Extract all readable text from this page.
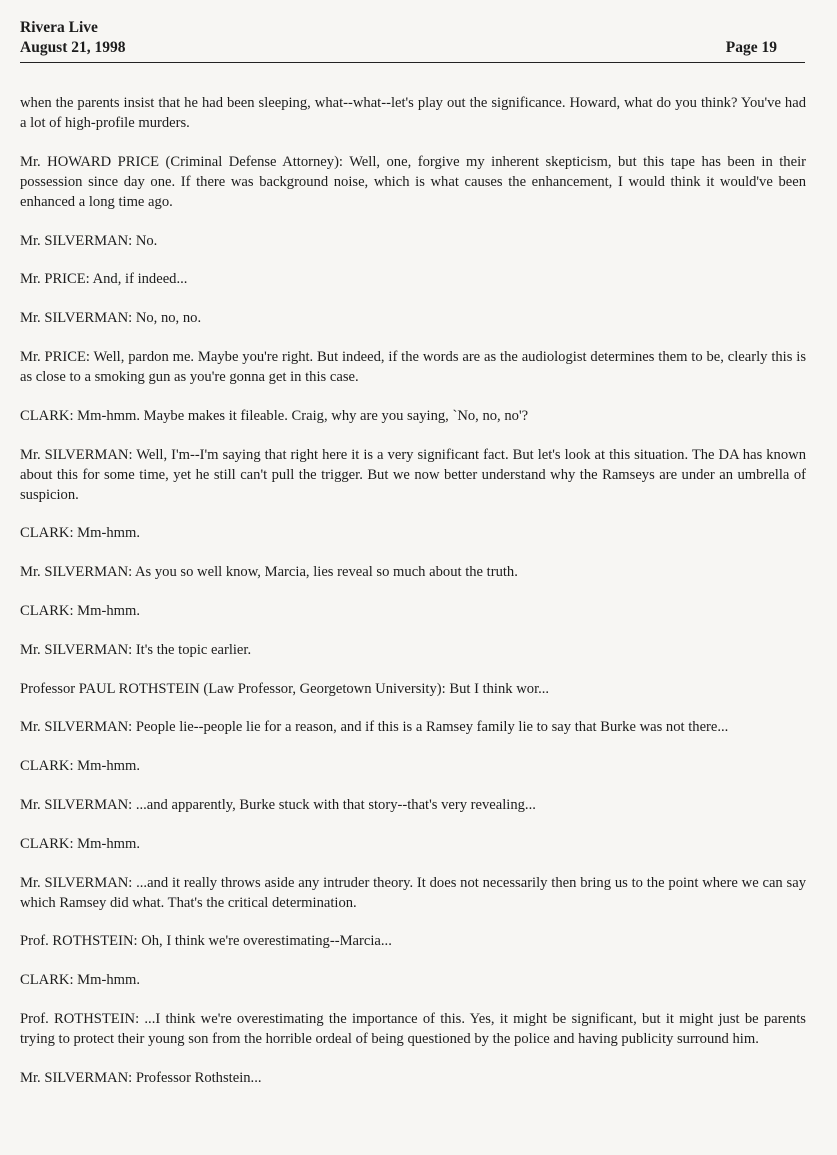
Rivera Live
August 21, 1998	Page 19

when the parents insist that he had been sleeping, what--what--let's play out the significance. Howard, what do you think? You've had a lot of high-profile murders.

Mr. HOWARD PRICE (Criminal Defense Attorney): Well, one, forgive my inherent skepticism, but this tape has been in their possession since day one. If there was background noise, which is what causes the enhancement, I would think it would've been enhanced a long time ago.

Mr. SILVERMAN: No.

Mr. PRICE: And, if indeed...

Mr. SILVERMAN: No, no, no.

Mr. PRICE: Well, pardon me. Maybe you're right. But indeed, if the words are as the audiologist determines them to be, clearly this is as close to a smoking gun as you're gonna get in this case.

CLARK: Mm-hmm. Maybe makes it fileable. Craig, why are you saying, `No, no, no'?

Mr. SILVERMAN: Well, I'm--I'm saying that right here it is a very significant fact. But let's look at this situation. The DA has known about this for some time, yet he still can't pull the trigger. But we now better understand why the Ramseys are under an umbrella of suspicion.

CLARK: Mm-hmm.

Mr. SILVERMAN: As you so well know, Marcia, lies reveal so much about the truth.

CLARK: Mm-hmm.

Mr. SILVERMAN: It's the topic earlier.

Professor PAUL ROTHSTEIN (Law Professor, Georgetown University): But I think wor...

Mr. SILVERMAN: People lie--people lie for a reason, and if this is a Ramsey family lie to say that Burke was not there...

CLARK: Mm-hmm.

Mr. SILVERMAN: ...and apparently, Burke stuck with that story--that's very revealing...

CLARK: Mm-hmm.

Mr. SILVERMAN: ...and it really throws aside any intruder theory. It does not necessarily then bring us to the point where we can say which Ramsey did what. That's the critical determination.

Prof. ROTHSTEIN: Oh, I think we're overestimating--Marcia...

CLARK: Mm-hmm.

Prof. ROTHSTEIN: ...I think we're overestimating the importance of this. Yes, it might be significant, but it might just be parents trying to protect their young son from the horrible ordeal of being questioned by the police and having publicity surround him.

Mr. SILVERMAN: Professor Rothstein...
